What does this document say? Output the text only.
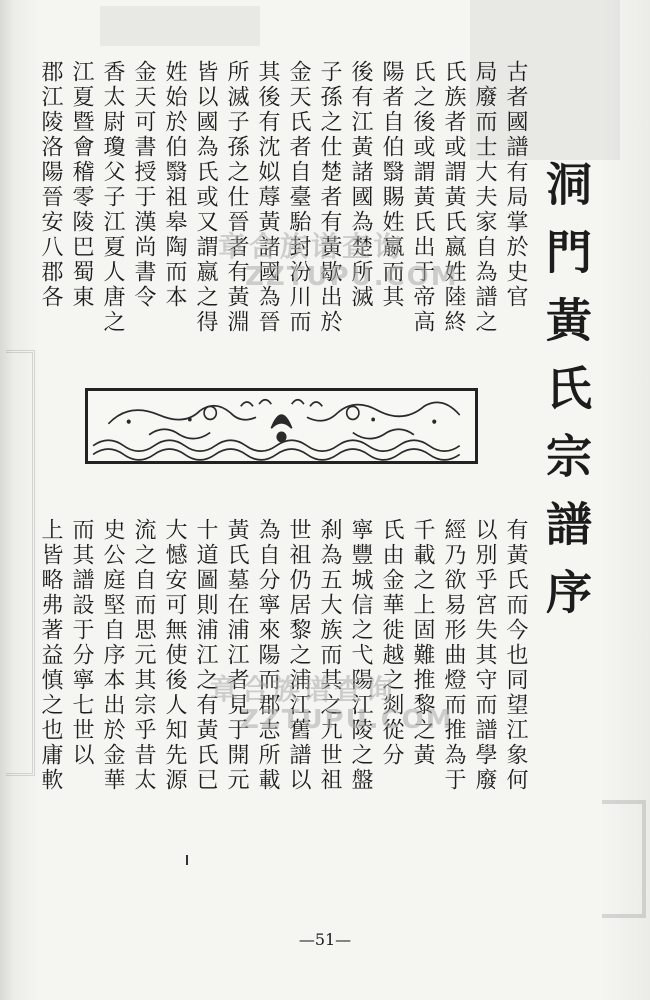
洞門黃氏宗譜序
古者國譜有局掌於史官
局廢而士大夫家自為譜之
氏族者或謂黃氏嬴姓陸終
氏之後或謂黃氏出于帝高
陽者自伯翳賜姓嬴而其
後有江黃諸國為楚所滅
子孫之仕楚者有黃歇出於
金天氏者自臺駘封汾川而
其後有沈姒蓐黃諸國為晉
所滅子孫之仕晉者有黃淵
皆以國為氏或又謂嬴之得
姓始於伯翳祖皋陶而本
金天可書授于漢尚書令
香太尉瓊父子江夏人唐之
江夏暨會稽零陵巴蜀東
郡江陵洛陽晉安八郡各
有黃氏而今也同望江象何
以別乎宮失其守而譜學廢
經乃欲易形曲燈而推為于
千載之上固難推黎之黃
氏由金華徙越之剡從分
寧豐城信之弋陽江陵之盤
刹為五大族而其之九世祖
世祖仍居黎之浦江舊譜以
為自分寧來陽而郡志所載
黃氏墓在浦江者見于開元
十道圖則浦江之有黃氏已
大憾安可無使後人知先源
流之自而思元其宗乎昔太
史公庭堅自序本出於金華
而其譜設于分寧七世以
上皆略弗著益慎之也庸軟
章合族谱查询
ZZTUPU.COM
章合族谱查询
ZZTUPU.COM
—51—
